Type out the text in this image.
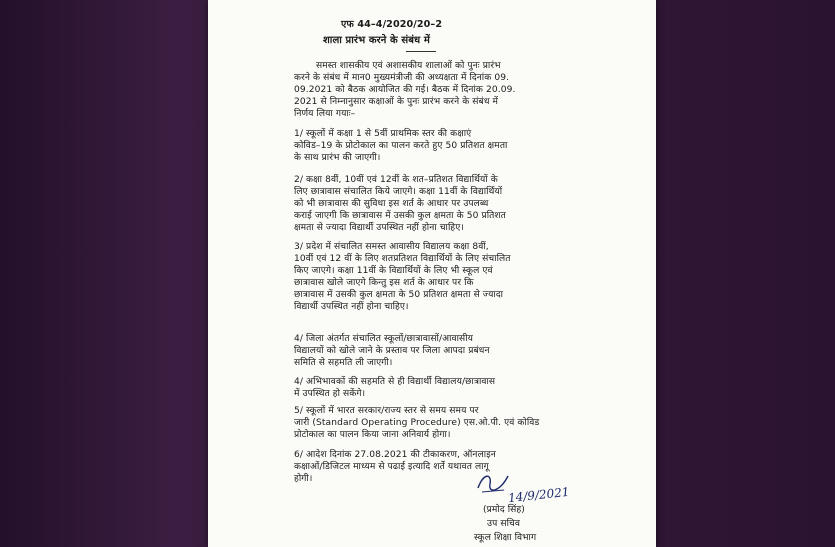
एफ 44–4/2020/20–2
शाला प्रारंभ करने के संबंध में
समस्त शासकीय एवं अशासकीय शालाओं को पुनः प्रारंभ
करने के संबंध में मान0 मुख्यमंत्रीजी की अध्यक्षता में दिनांक 09.
09.2021 को बैठक आयोजित की गई। बैठक में दिनांक 20.09.
2021 से निम्नानुसार कक्षाओं के पुनः प्रारंभ करने के संबंध में
निर्णय लिया गयाः–
1/ स्कूलों में कक्षा 1 से 5वीं प्राथमिक स्तर की कक्षाएं
कोविड–19 के प्रोटोकाल का पालन करते हुए 50 प्रतिशत क्षमता
के साथ प्रारंभ की जाएगी।
2/ कक्षा 8वीं, 10वीं एवं 12वीं के शत–प्रतिशत विद्यार्थियों के
लिए छात्रावास संचालित किये जाएगे। कक्षा 11वीं के विद्यार्थियों
को भी छात्रावास की सुविधा इस शर्त के आधार पर उपलब्ध
कराई जाएगी कि छात्रावास में उसकी कुल क्षमता के 50 प्रतिशत
क्षमता से ज्यादा विद्यार्थी उपस्थित नहीं होना चाहिए।
3/ प्रदेश में संचालित समस्त आवासीय विद्यालय कक्षा 8वीं,
10वीं एवं 12 वीं के लिए शतप्रतिशत विद्यार्थियों के लिए संचालित
किए जाएगे। कक्षा 11वीं के विद्यार्थियों के लिए भी स्कूल एवं
छात्रावास खोले जाएगे किन्तु इस शर्त के आधार पर कि
छात्रावास में उसकी कुल क्षमता के 50 प्रतिशत क्षमता से ज्यादा
विद्यार्थी उपस्थित नहीं होना चाहिए।
4/ जिला अंतर्गत संचालित स्कूलों/छात्रावासों/आवासीय
विद्यालयों को खोले जाने के प्रस्ताव पर जिला आपदा प्रबंधन
समिति से सहमति ली जाएगी।
4/ अभिभावकों की सहमति से ही विद्यार्थी विद्यालय/छात्रावास
में उपस्थित हो सकेंगे।
5/ स्कूलों में भारत सरकार/राज्य स्तर से समय समय पर
जारी (Standard Operating Procedure) एस.ओ.पी. एवं कोविड
प्रोटोकाल का पालन किया जाना अनिवार्य होगा।
6/ आदेश दिनांक 27.08.2021 की टीकाकरण, ऑनलाइन
कक्षाओं/डिजिटल माध्यम से पढाई इत्यादि शर्ते यथावत लागू
होगी।
14/9/2021
(प्रमोद सिंह)
उप सचिव
स्कूल शिक्षा विभाग
